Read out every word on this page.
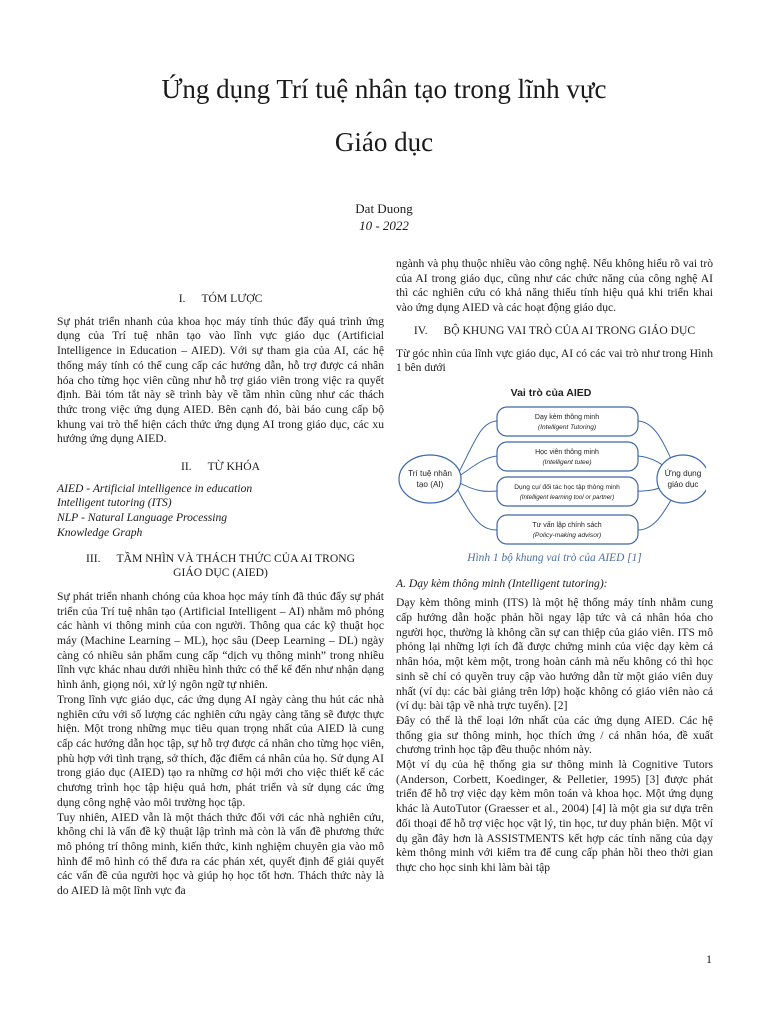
Ứng dụng Trí tuệ nhân tạo trong lĩnh vực
Giáo dục
Dat Duong
10 - 2022
I. TÓM LƯỢC

Sự phát triển nhanh của khoa học máy tính thúc đẩy quá trình ứng dụng của Trí tuệ nhân tạo vào lĩnh vực giáo dục (Artificial Intelligence in Education – AIED). Với sự tham gia của AI, các hệ thống máy tính có thể cung cấp các hướng dẫn, hỗ trợ được cá nhân hóa cho từng học viên cũng như hỗ trợ giáo viên trong việc ra quyết định. Bài tóm tắt này sẽ trình bày về tầm nhìn cũng như các thách thức trong việc ứng dụng AIED. Bên cạnh đó, bài báo cung cấp bộ khung vai trò thể hiện cách thức ứng dụng AI trong giáo dục, các xu hướng ứng dụng AIED.

II. TỪ KHÓA

AIED - Artificial intelligence in education

Intelligent tutoring (ITS)

NLP - Natural Language Processing

Knowledge Graph

III. TẦM NHÌN VÀ THÁCH THỨC CỦA AI TRONG
GIÁO DỤC (AIED)

Sự phát triển nhanh chóng của khoa học máy tính đã thúc đẩy sự phát triển của Trí tuệ nhân tạo (Artificial Intelligent – AI) nhằm mô phỏng các hành vi thông minh của con người. Thông qua các kỹ thuật học máy (Machine Learning – ML), học sâu (Deep Learning – DL) ngày càng có nhiều sản phẩm cung cấp “dịch vụ thông minh” trong nhiều lĩnh vực khác nhau dưới nhiều hình thức có thể kể đến như nhận dạng hình ảnh, giọng nói, xử lý ngôn ngữ tự nhiên.

Trong lĩnh vực giáo dục, các ứng dụng AI ngày càng thu hút các nhà nghiên cứu với số lượng các nghiên cứu ngày càng tăng sẽ được thực hiện. Một trong những mục tiêu quan trọng nhất của AIED là cung cấp các hướng dẫn học tập, sự hỗ trợ được cá nhân cho từng học viên, phù hợp với tình trạng, sở thích, đặc điểm cá nhân của họ. Sử dụng AI trong giáo dục (AIED) tạo ra những cơ hội mới cho việc thiết kế các chương trình học tập hiệu quả hơn, phát triển và sử dụng các ứng dụng công nghệ vào môi trường học tập.

Tuy nhiên, AIED vẫn là một thách thức đối với các nhà nghiên cứu, không chỉ là vấn đề kỹ thuật lập trình mà còn là vấn đề phương thức mô phỏng trí thông minh, kiến thức, kinh nghiệm chuyên gia vào mô hình để mô hình có thể đưa ra các phán xét, quyết định để giải quyết các vấn đề của người học và giúp họ học tốt hơn. Thách thức này là do AIED là một lĩnh vực đa

ngành và phụ thuộc nhiều vào công nghệ. Nếu không hiểu rõ vai trò của AI trong giáo dục, cũng như các chức năng của công nghệ AI thì các nghiên cứu có khả năng thiếu tính hiệu quả khi triển khai vào ứng dụng AIED và các hoạt động giáo dục.

IV. BỘ KHUNG VAI TRÒ CỦA AI TRONG GIÁO DỤC

Từ góc nhìn của lĩnh vực giáo dục, AI có các vai trò như trong Hình 1 bên dưới

Vai trò của AIED
Trí tuệ nhân
tạo (AI)
Ứng dụng
giáo dục
Dạy kèm thông minh
(Intelligent Tutoring)
Học viên thông minh
(Intelligent tutee)
Dụng cụ/ đối tác học tập thông minh
(Intelligent learning tool or partner)
Tư vấn lập chính sách
(Policy-making advisor)

Hình 1 bộ khung vai trò của AIED [1]

A. Dạy kèm thông minh (Intelligent tutoring):

Dạy kèm thông minh (ITS) là một hệ thống máy tính nhằm cung cấp hướng dẫn hoặc phản hồi ngay lập tức và cá nhân hóa cho người học, thường là không cần sự can thiệp của giáo viên. ITS mô phỏng lại những lợi ích đã được chứng minh của việc dạy kèm cá nhân hóa, một kèm một, trong hoàn cảnh mà nếu không có thì học sinh sẽ chỉ có quyền truy cập vào hướng dẫn từ một giáo viên duy nhất (ví dụ: các bài giảng trên lớp) hoặc không có giáo viên nào cả (ví dụ: bài tập về nhà trực tuyến). [2]

Đây có thể là thể loại lớn nhất của các ứng dụng AIED. Các hệ thống gia sư thông minh, học thích ứng / cá nhân hóa, đề xuất chương trình học tập đều thuộc nhóm này.

Một ví dụ của hệ thống gia sư thông minh là Cognitive Tutors (Anderson, Corbett, Koedinger, & Pelletier, 1995) [3] được phát triển để hỗ trợ việc dạy kèm môn toán và khoa học. Một ứng dụng khác là AutoTutor (Graesser et al., 2004) [4] là một gia sư dựa trên đối thoại để hỗ trợ việc học vật lý, tin học, tư duy phản biện. Một ví dụ gần đây hơn là ASSISTMENTS kết hợp các tính năng của dạy kèm thông minh với kiểm tra để cung cấp phản hồi theo thời gian thực cho học sinh khi làm bài tập

1
